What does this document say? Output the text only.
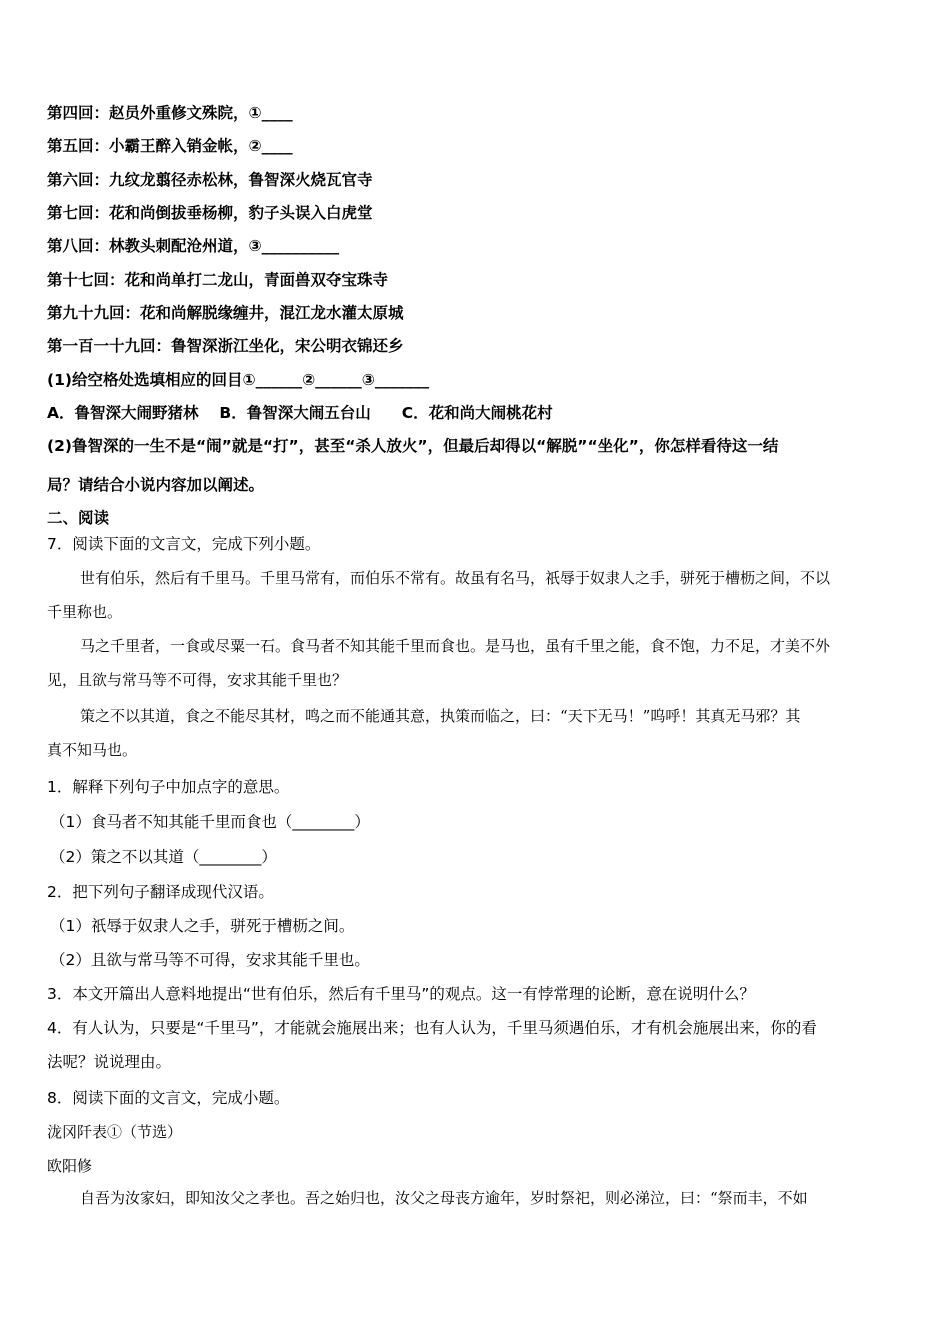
第四回：赵员外重修文殊院，①____
第五回：小霸王醉入销金帐，②____
第六回：九纹龙翦径赤松林，鲁智深火烧瓦官寺
第七回：花和尚倒拔垂杨柳，豹子头误入白虎堂
第八回：林教头刺配沧州道，③__________
第十七回：花和尚单打二龙山，青面兽双夺宝珠寺
第九十九回：花和尚解脱缘缠井，混江龙水灌太原城
第一百一十九回：鲁智深浙江坐化，宋公明衣锦还乡
(1)给空格处选填相应的回目①______②______③_______
A．鲁智深大闹野猪林　 B．鲁智深大闹五台山　　C．花和尚大闹桃花村
(2)鲁智深的一生不是“闹”就是“打”，甚至“杀人放火”，但最后却得以“解脱”“坐化”，你怎样看待这一结
局？请结合小说内容加以阐述。
二、阅读
7．阅读下面的文言文，完成下列小题。
世有伯乐，然后有千里马。千里马常有，而伯乐不常有。故虽有名马，祇辱于奴隶人之手，骈死于槽枥之间，不以
千里称也。
马之千里者，一食或尽粟一石。食马者不知其能千里而食也。是马也，虽有千里之能，食不饱，力不足，才美不外
见，且欲与常马等不可得，安求其能千里也？
策之不以其道，食之不能尽其材，鸣之而不能通其意，执策而临之，曰：“天下无马！”呜呼！其真无马邪？其
真不知马也。
1．解释下列句子中加点字的意思。
（1）食马者不知其能千里而食也（________）
（2）策之不以其道（________）
2．把下列句子翻译成现代汉语。
（1）祇辱于奴隶人之手，骈死于槽枥之间。
（2）且欲与常马等不可得，安求其能千里也。
3．本文开篇出人意料地提出“世有伯乐，然后有千里马”的观点。这一有悖常理的论断，意在说明什么？
4．有人认为，只要是“千里马”，才能就会施展出来；也有人认为，千里马须遇伯乐，才有机会施展出来，你的看
法呢？说说理由。
8．阅读下面的文言文，完成小题。
泷冈阡表①（节选）
欧阳修
自吾为汝家妇，即知汝父之孝也。吾之始归也，汝父之母丧方逾年，岁时祭祀，则必涕泣，曰：“祭而丰，不如
